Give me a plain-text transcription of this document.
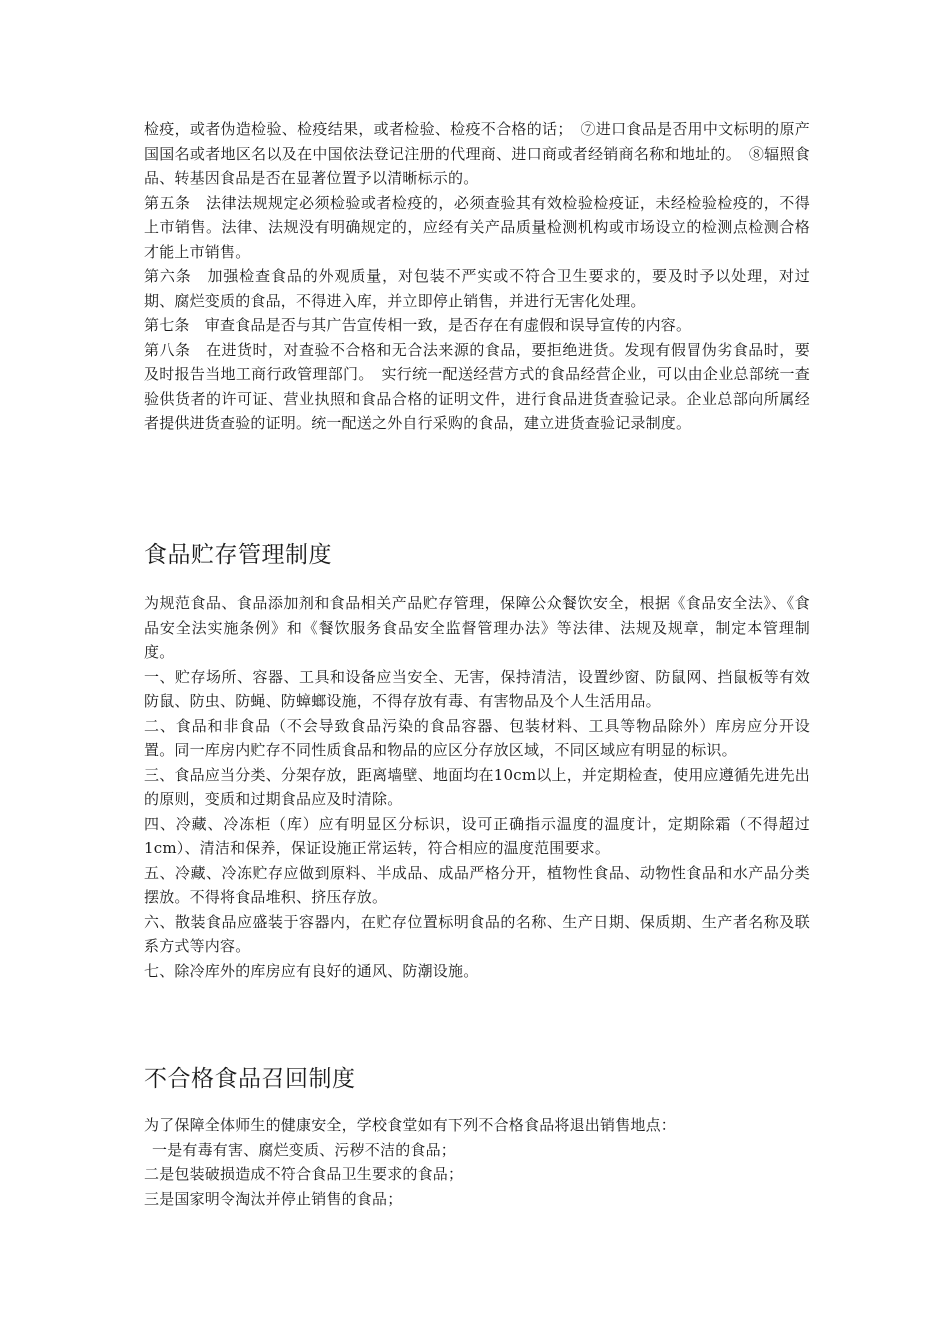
检疫，或者伪造检验、检疫结果，或者检验、检疫不合格的话；　⑦进口食品是否用中文标明的原产国国名或者地区名以及在中国依法登记注册的代理商、进口商或者经销商名称和地址的。　⑧辐照食品、转基因食品是否在显著位置予以清晰标示的。

第五条　法律法规规定必须检验或者检疫的，必须查验其有效检验检疫证，未经检验检疫的，不得上市销售。法律、法规没有明确规定的，应经有关产品质量检测机构或市场设立的检测点检测合格才能上市销售。

第六条　加强检查食品的外观质量，对包装不严实或不符合卫生要求的，要及时予以处理，对过期、腐烂变质的食品，不得进入库，并立即停止销售，并进行无害化处理。

第七条　审查食品是否与其广告宣传相一致，是否存在有虚假和误导宣传的内容。

第八条　在进货时，对查验不合格和无合法来源的食品，要拒绝进货。发现有假冒伪劣食品时，要及时报告当地工商行政管理部门。　实行统一配送经营方式的食品经营企业，可以由企业总部统一查验供货者的许可证、营业执照和食品合格的证明文件，进行食品进货查验记录。企业总部向所属经者提供进货查验的证明。统一配送之外自行采购的食品，建立进货查验记录制度。

食品贮存管理制度

为规范食品、食品添加剂和食品相关产品贮存管理，保障公众餐饮安全，根据《食品安全法》、《食品安全法实施条例》和《餐饮服务食品安全监督管理办法》等法律、法规及规章，制定本管理制度。

一、贮存场所、容器、工具和设备应当安全、无害，保持清洁，设置纱窗、防鼠网、挡鼠板等有效防鼠、防虫、防蝇、防蟑螂设施，不得存放有毒、有害物品及个人生活用品。

二、食品和非食品（不会导致食品污染的食品容器、包装材料、工具等物品除外）库房应分开设置。同一库房内贮存不同性质食品和物品的应区分存放区域，不同区域应有明显的标识。

三、食品应当分类、分架存放，距离墙壁、地面均在10cm以上，并定期检查，使用应遵循先进先出的原则，变质和过期食品应及时清除。

四、冷藏、冷冻柜（库）应有明显区分标识，设可正确指示温度的温度计，定期除霜（不得超过1cm）、清洁和保养，保证设施正常运转，符合相应的温度范围要求。

五、冷藏、冷冻贮存应做到原料、半成品、成品严格分开，植物性食品、动物性食品和水产品分类摆放。不得将食品堆积、挤压存放。

六、散装食品应盛装于容器内，在贮存位置标明食品的名称、生产日期、保质期、生产者名称及联系方式等内容。

七、除冷库外的库房应有良好的通风、防潮设施。

不合格食品召回制度

为了保障全体师生的健康安全，学校食堂如有下列不合格食品将退出销售地点：

一是有毒有害、腐烂变质、污秽不洁的食品；

二是包装破损造成不符合食品卫生要求的食品；

三是国家明令淘汰并停止销售的食品；
